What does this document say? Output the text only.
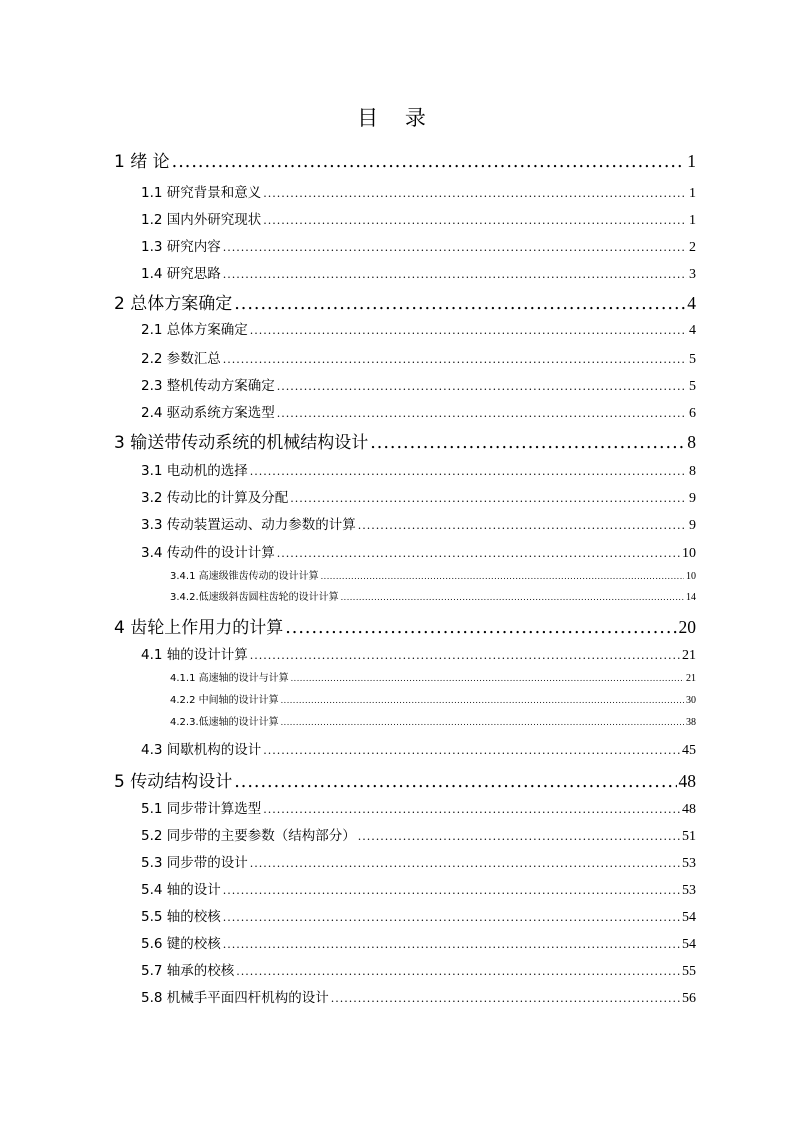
目 录
1 绪 论 .....	1
1.1 研究背景和意义 .....	1
1.2 国内外研究现状 .....	1
1.3 研究内容 .....	2
1.4 研究思路 .....	3
2 总体方案确定 .....	4
2.1 总体方案确定 .....	4
2.2 参数汇总 .....	5
2.3 整机传动方案确定 .....	5
2.4 驱动系统方案选型 .....	6
3 输送带传动系统的机械结构设计 .....	8
3.1 电动机的选择 .....	8
3.2 传动比的计算及分配 .....	9
3.3 传动装置运动、动力参数的计算 .....	9
3.4 传动件的设计计算 .....	10
3.4.1 高速级锥齿传动的设计计算 .....	10
3.4.2.低速级斜齿圆柱齿轮的设计计算 .....	14
4 齿轮上作用力的计算 .....	20
4.1 轴的设计计算 .....	21
4.1.1 高速轴的设计与计算 .....	21
4.2.2 中间轴的设计计算 .....	30
4.2.3.低速轴的设计计算 .....	38
4.3 间歇机构的设计 .....	45
5 传动结构设计 .....	48
5.1 同步带计算选型 .....	48
5.2 同步带的主要参数（结构部分） .....	51
5.3 同步带的设计 .....	53
5.4 轴的设计 .....	53
5.5 轴的校核 .....	54
5.6 键的校核 .....	54
5.7 轴承的校核 .....	55
5.8 机械手平面四杆机构的设计 .....	56
